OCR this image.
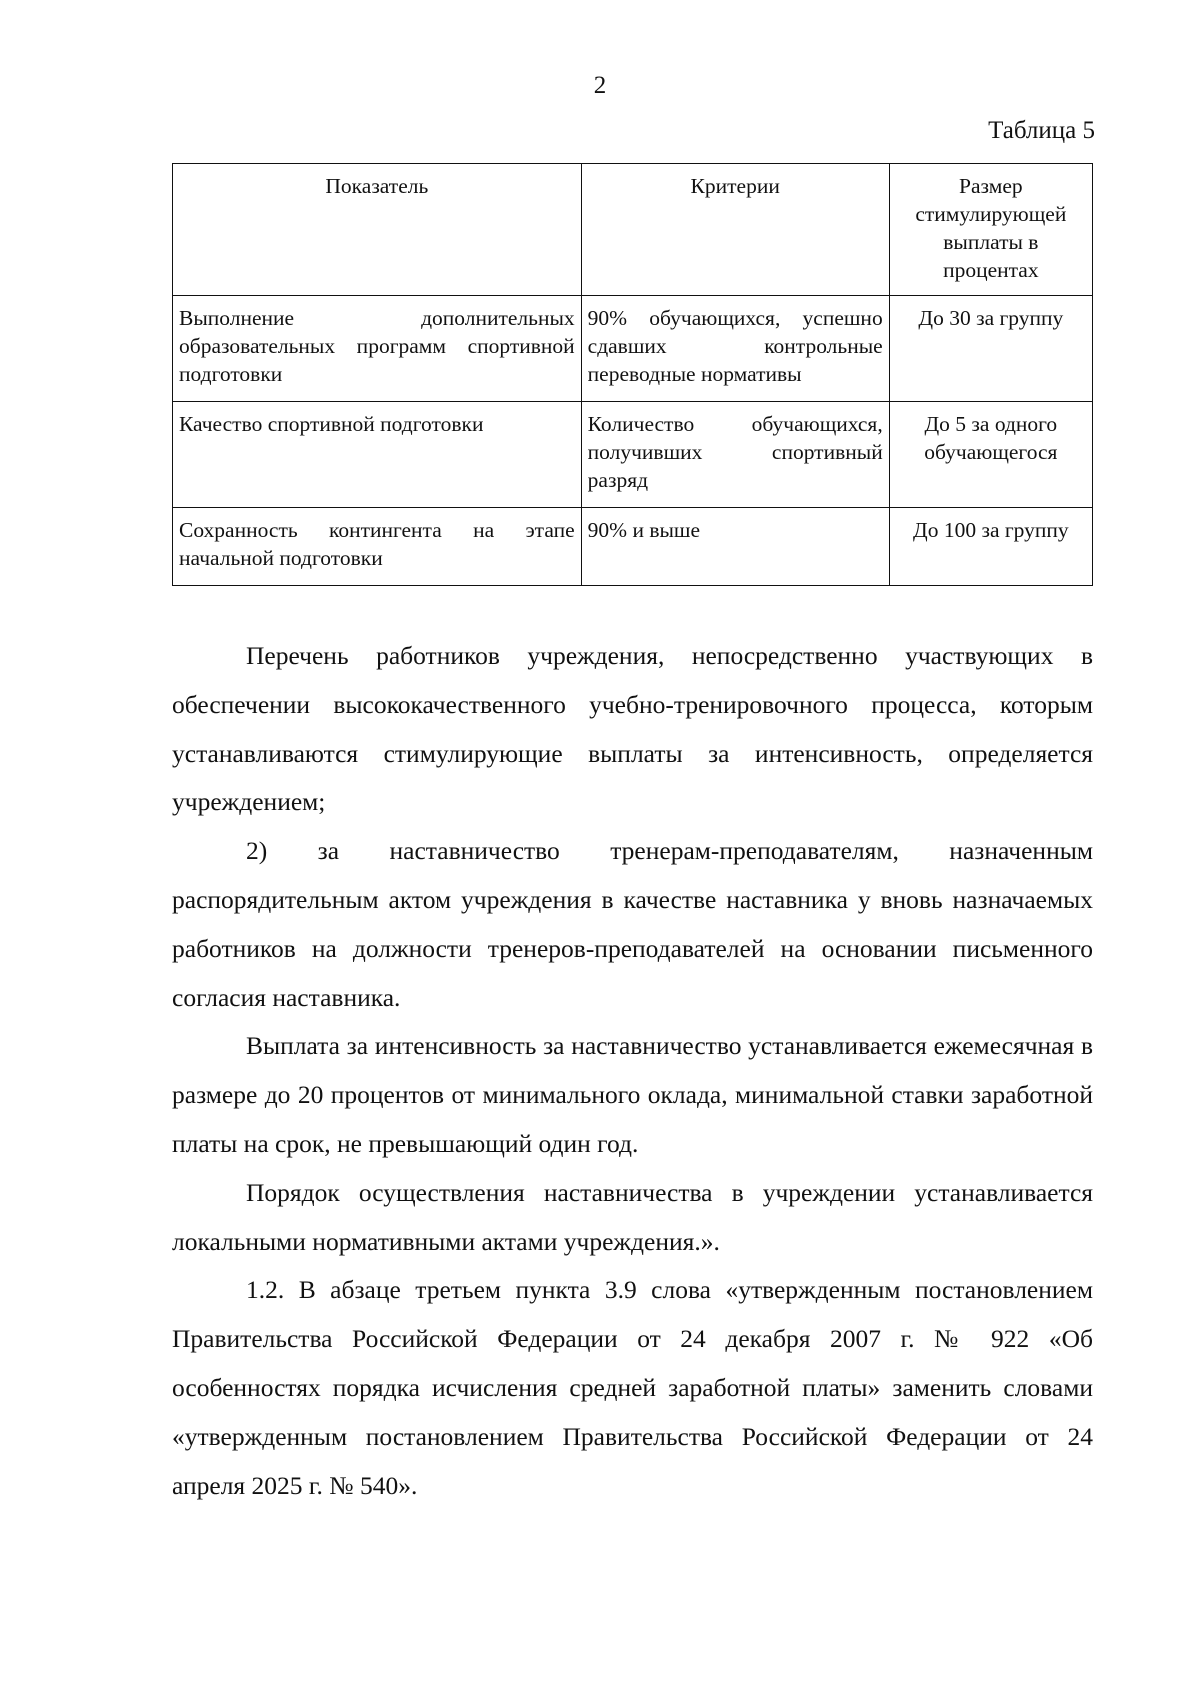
2
Таблица 5
Показатель	Критерии	Размер стимулирующей выплаты в процентах
Выполнение дополнительных образовательных программ спортивной подготовки	90% обучающихся, успешно сдавших контрольные переводные нормативы	До 30 за группу
Качество спортивной подготовки	Количество обучающихся, получивших спортивный разряд	До 5 за одного обучающегося
Сохранность контингента на этапе начальной подготовки	90% и выше	До 100 за группу

Перечень работников учреждения, непосредственно участвующих в обеспечении высококачественного учебно-тренировочного процесса, которым устанавливаются стимулирующие выплаты за интенсивность, определяется учреждением;

2) за наставничество тренерам-преподавателям, назначенным распорядительным актом учреждения в качестве наставника у вновь назначаемых работников на должности тренеров-преподавателей на основании письменного согласия наставника.

Выплата за интенсивность за наставничество устанавливается ежемесячная в размере до 20 процентов от минимального оклада, минимальной ставки заработной платы на срок, не превышающий один год.

Порядок осуществления наставничества в учреждении устанавливается локальными нормативными актами учреждения.».

1.2. В абзаце третьем пункта 3.9 слова «утвержденным постановлением Правительства Российской Федерации от 24 декабря 2007 г. № 922 «Об особенностях порядка исчисления средней заработной платы» заменить словами «утвержденным постановлением Правительства Российской Федерации от 24 апреля 2025 г. № 540».
